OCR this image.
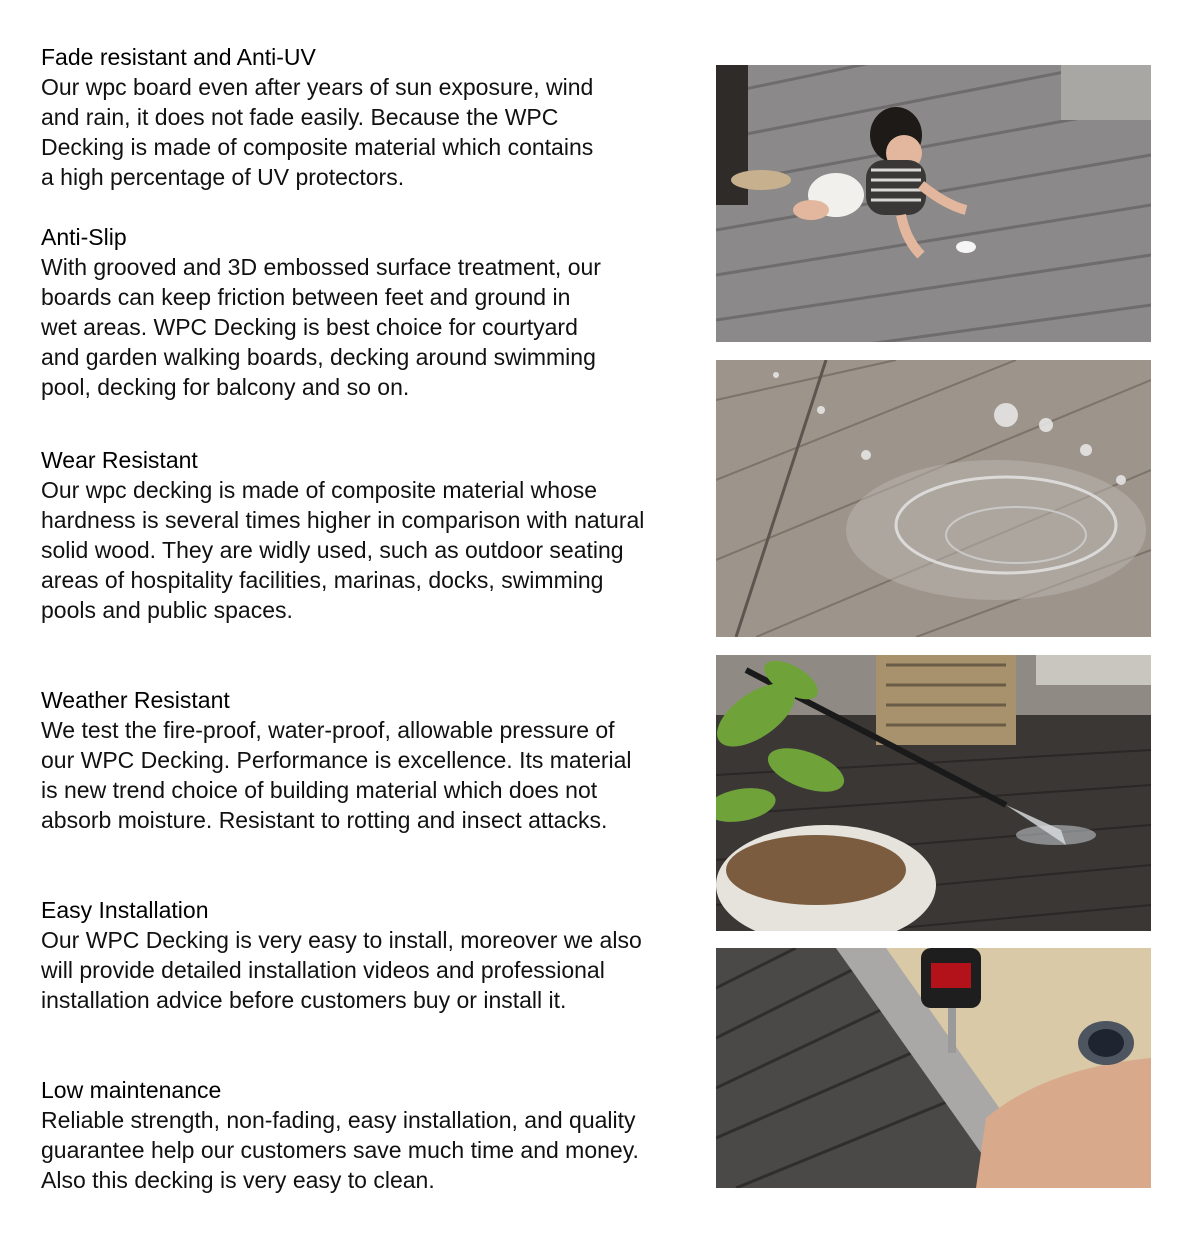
Fade resistant and Anti-UV

Our wpc board even after years of sun exposure, wind
and rain, it does not fade easily. Because the WPC
Decking is made of composite material which contains
a high percentage of UV protectors.

Anti-Slip

With grooved and 3D embossed surface treatment, our
boards can keep friction between feet and ground in
wet areas. WPC Decking is best choice for courtyard
and garden walking boards, decking around swimming
pool, decking for balcony and so on.

Wear Resistant

Our wpc decking is made of composite material whose
hardness is several times higher in comparison with natural
solid wood. They are widly used, such as outdoor seating
areas of hospitality facilities, marinas, docks, swimming
pools and public spaces.

Weather Resistant

We test the fire-proof, water-proof, allowable pressure of
our WPC Decking. Performance is excellence. Its material
is new trend choice of building material which does not
absorb moisture. Resistant to rotting and insect attacks.

Easy Installation

Our WPC Decking is very easy to install, moreover we also
will provide detailed installation videos and professional
installation advice before customers buy or install it.

Low maintenance

Reliable strength, non-fading, easy installation, and quality
guarantee help our customers save much time and money.
Also this decking is very easy to clean.
